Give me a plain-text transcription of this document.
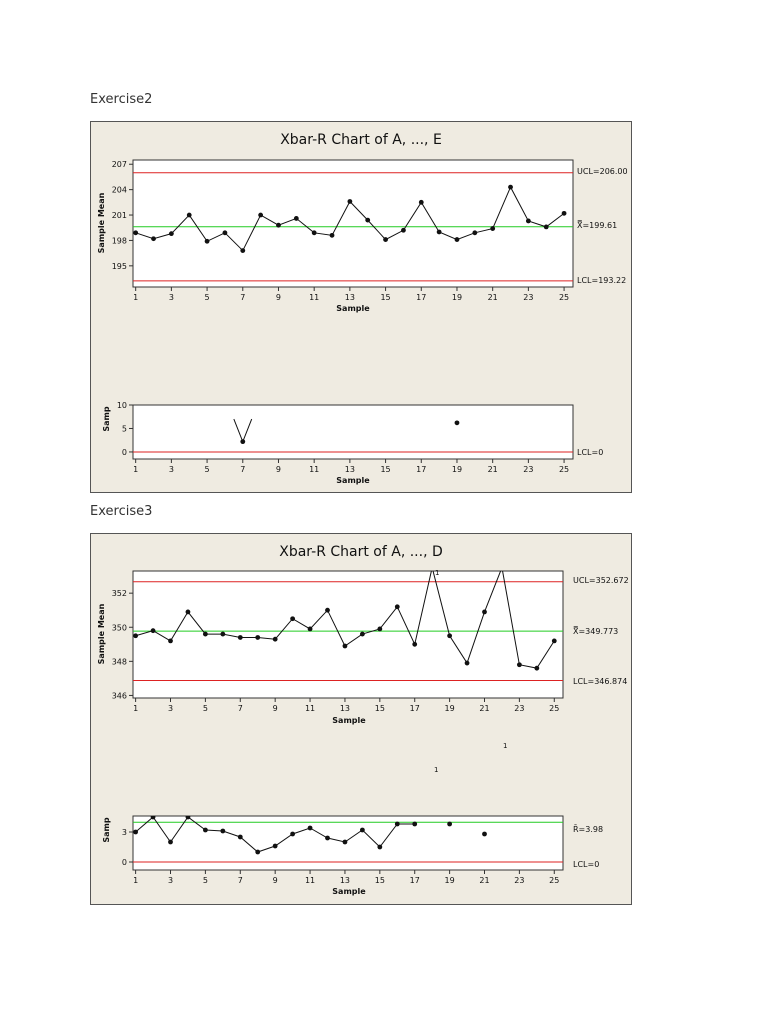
Exercise2
Xbar-R Chart of A, ..., E
195
198
201
204
207
1	3	5	7	9	11	13	15	17	19	21	23	25
Sample Mean
Sample
UCL=206.00
X̿=199.61
LCL=193.22
0
5
10
1	3	5	7	9	11	13	15	17	19	21	23	25
Samp
Sample
LCL=0
Exercise3
Xbar-R Chart of A, ..., D
346
348
350
352
1	3	5	7	9	11	13	15	17	19	21	23	25
Sample Mean
Sample
UCL=352.672
X̿=349.773
LCL=346.874
1
1
1
0
3
1	3	5	7	9	11	13	15	17	19	21	23	25
Samp
Sample
R̄=3.98
LCL=0
